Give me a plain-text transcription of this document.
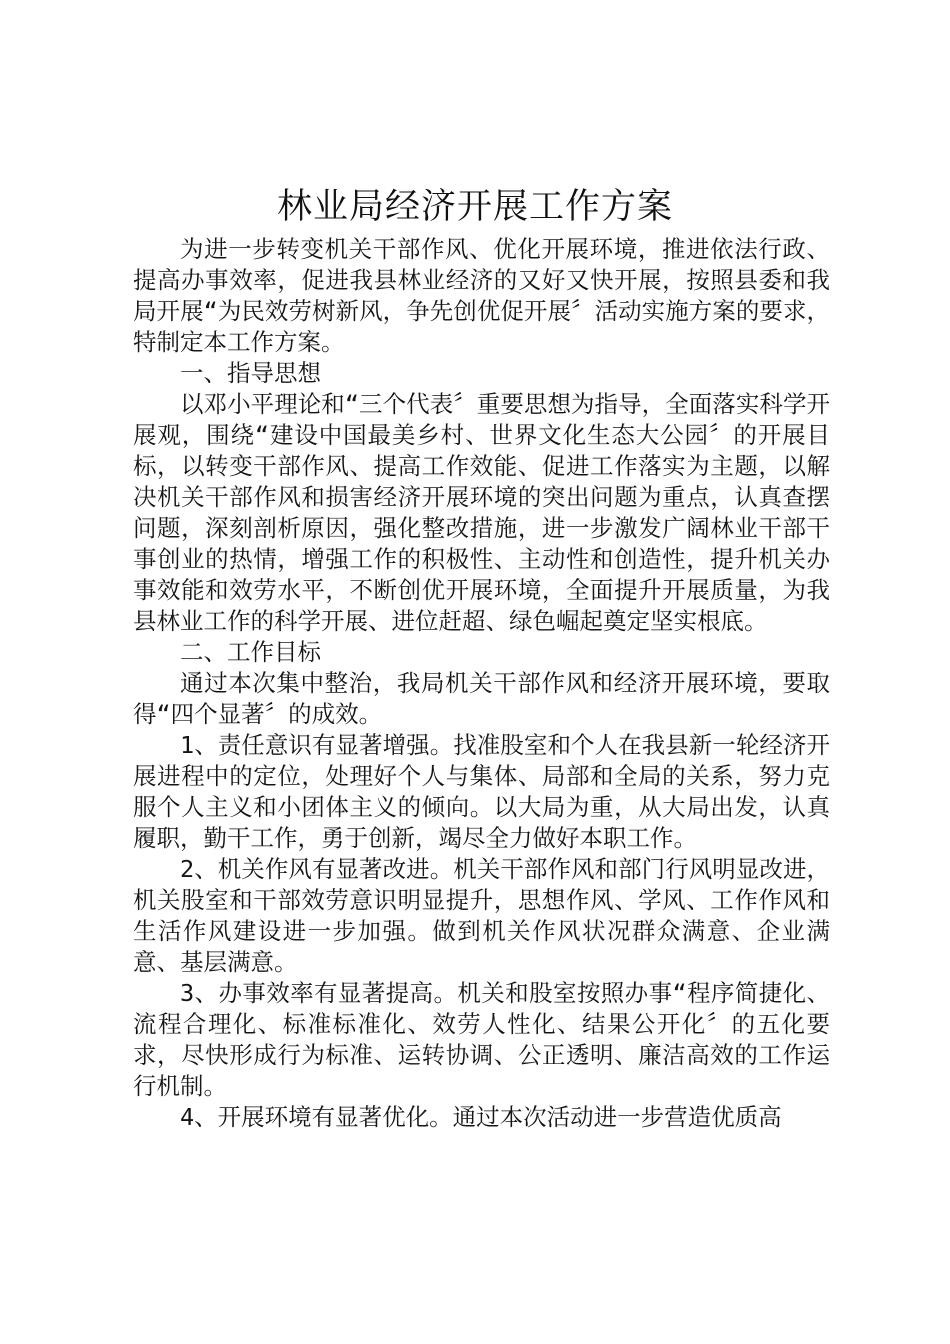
林业局经济开展工作方案

为进一步转变机关干部作风、优化开展环境，推进依法行政、提高办事效率，促进我县林业经济的又好又快开展，按照县委和我局开展“为民效劳树新风，争先创优促开展〞活动实施方案的要求，特制定本工作方案。

一、指导思想

以邓小平理论和“三个代表〞重要思想为指导，全面落实科学开展观，围绕“建设中国最美乡村、世界文化生态大公园〞的开展目标，以转变干部作风、提高工作效能、促进工作落实为主题，以解决机关干部作风和损害经济开展环境的突出问题为重点，认真查摆问题，深刻剖析原因，强化整改措施，进一步激发广阔林业干部干事创业的热情，增强工作的积极性、主动性和创造性，提升机关办事效能和效劳水平，不断创优开展环境，全面提升开展质量，为我县林业工作的科学开展、进位赶超、绿色崛起奠定坚实根底。

二、工作目标

通过本次集中整治，我局机关干部作风和经济开展环境，要取得“四个显著〞的成效。

1、责任意识有显著增强。找准股室和个人在我县新一轮经济开展进程中的定位，处理好个人与集体、局部和全局的关系，努力克服个人主义和小团体主义的倾向。以大局为重，从大局出发，认真履职，勤干工作，勇于创新，竭尽全力做好本职工作。

2、机关作风有显著改进。机关干部作风和部门行风明显改进，机关股室和干部效劳意识明显提升，思想作风、学风、工作作风和生活作风建设进一步加强。做到机关作风状况群众满意、企业满意、基层满意。

3、办事效率有显著提高。机关和股室按照办事“程序简捷化、流程合理化、标准标准化、效劳人性化、结果公开化〞的五化要求，尽快形成行为标准、运转协调、公正透明、廉洁高效的工作运行机制。

4、开展环境有显著优化。通过本次活动进一步营造优质高
